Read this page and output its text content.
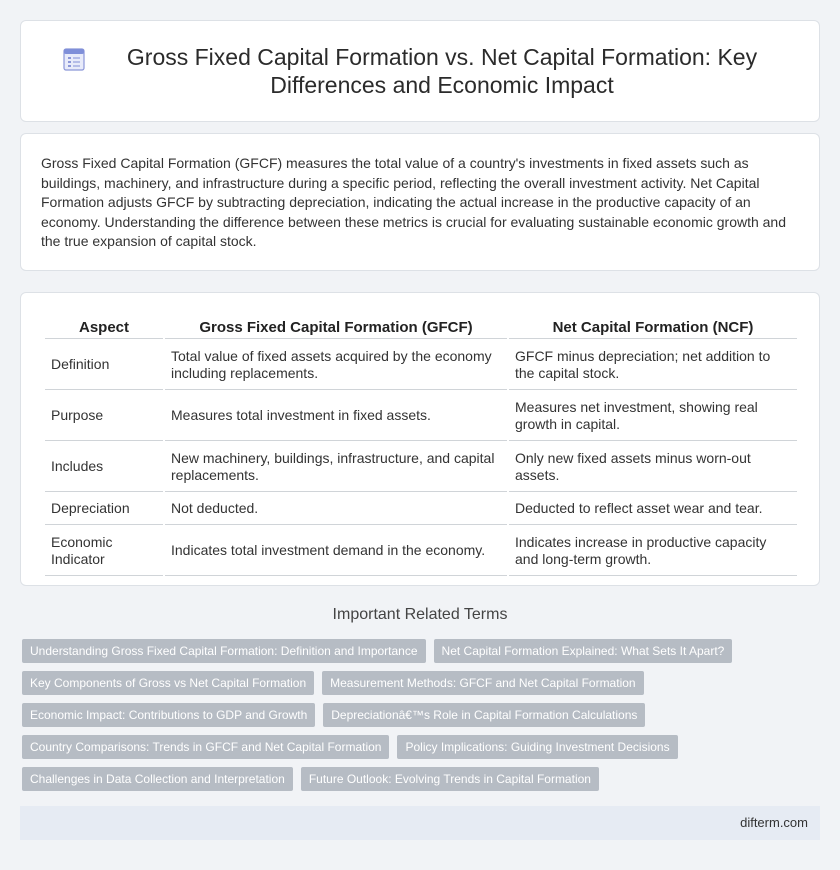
Gross Fixed Capital Formation vs. Net Capital Formation: Key Differences and Economic Impact

Gross Fixed Capital Formation (GFCF) measures the total value of a country's investments in fixed assets such as buildings, machinery, and infrastructure during a specific period, reflecting the overall investment activity. Net Capital Formation adjusts GFCF by subtracting depreciation, indicating the actual increase in the productive capacity of an economy. Understanding the difference between these metrics is crucial for evaluating sustainable economic growth and the true expansion of capital stock.

Aspect	Gross Fixed Capital Formation (GFCF)	Net Capital Formation (NCF)
Definition	Total value of fixed assets acquired by the economy including replacements.	GFCF minus depreciation; net addition to the capital stock.
Purpose	Measures total investment in fixed assets.	Measures net investment, showing real growth in capital.
Includes	New machinery, buildings, infrastructure, and capital replacements.	Only new fixed assets minus worn-out assets.
Depreciation	Not deducted.	Deducted to reflect asset wear and tear.
Economic Indicator	Indicates total investment demand in the economy.	Indicates increase in productive capacity and long-term growth.
Important Related Terms
Understanding Gross Fixed Capital Formation: Definition and Importance	Net Capital Formation Explained: What Sets It Apart?
Key Components of Gross vs Net Capital Formation	Measurement Methods: GFCF and Net Capital Formation
Economic Impact: Contributions to GDP and Growth	Depreciationâ€™s Role in Capital Formation Calculations
Country Comparisons: Trends in GFCF and Net Capital Formation	Policy Implications: Guiding Investment Decisions
Challenges in Data Collection and Interpretation	Future Outlook: Evolving Trends in Capital Formation
difterm.com
